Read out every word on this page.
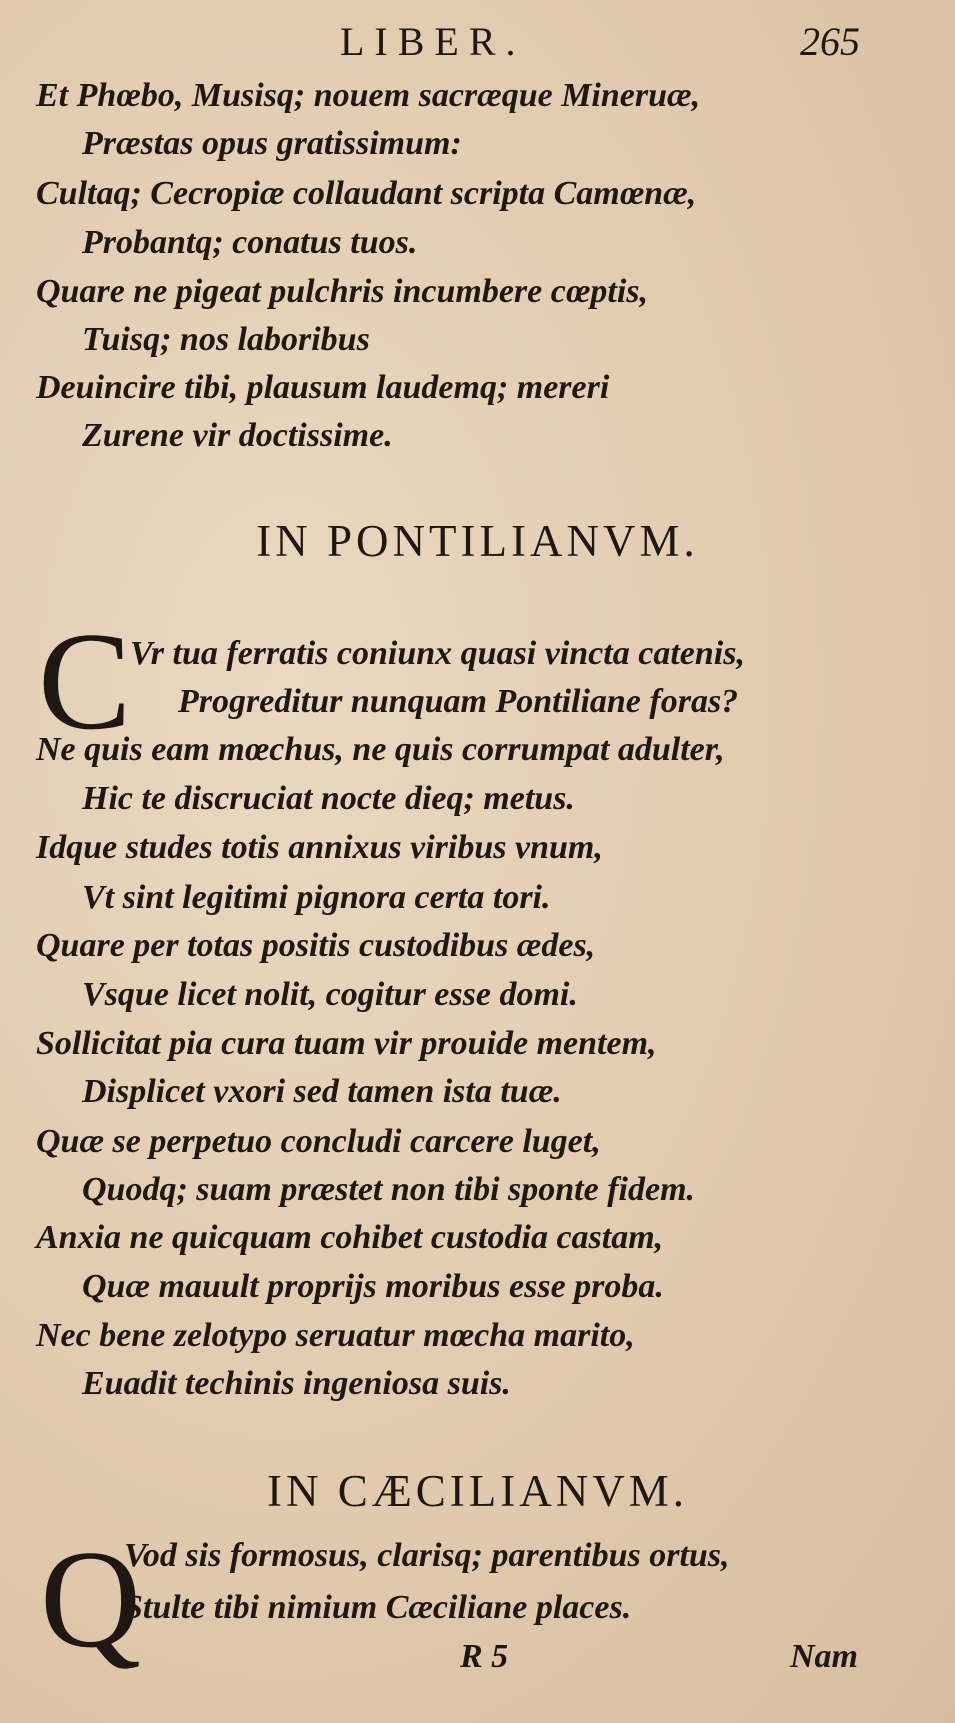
LIBER.	265
Et Phœbo, Musisq; nouem sacræque Mineruæ,
Præstas opus gratissimum:
Cultaq; Cecropiæ collaudant scripta Camœnæ,
Probantq; conatus tuos.
Quare ne pigeat pulchris incumbere cœptis,
Tuisq; nos laboribus
Deuincire tibi, plausum laudemq; mereri
Zurene vir doctissime.
IN PONTILIANVM.
C
Vr tua ferratis coniunx quasi vincta catenis,
Progreditur nunquam Pontiliane foras?
Ne quis eam mœchus, ne quis corrumpat adulter,
Hic te discruciat nocte dieq; metus.
Idque studes totis annixus viribus vnum,
Vt sint legitimi pignora certa tori.
Quare per totas positis custodibus ædes,
Vsque licet nolit, cogitur esse domi.
Sollicitat pia cura tuam vir prouide mentem,
Displicet vxori sed tamen ista tuæ.
Quæ se perpetuo concludi carcere luget,
Quodq; suam præstet non tibi sponte fidem.
Anxia ne quicquam cohibet custodia castam,
Quæ mauult proprijs moribus esse proba.
Nec bene zelotypo seruatur mœcha marito,
Euadit techinis ingeniosa suis.
IN CÆCILIANVM.
Q
Vod sis formosus, clarisq; parentibus ortus,
Stulte tibi nimium Cæciliane places.
R 5	Nam
